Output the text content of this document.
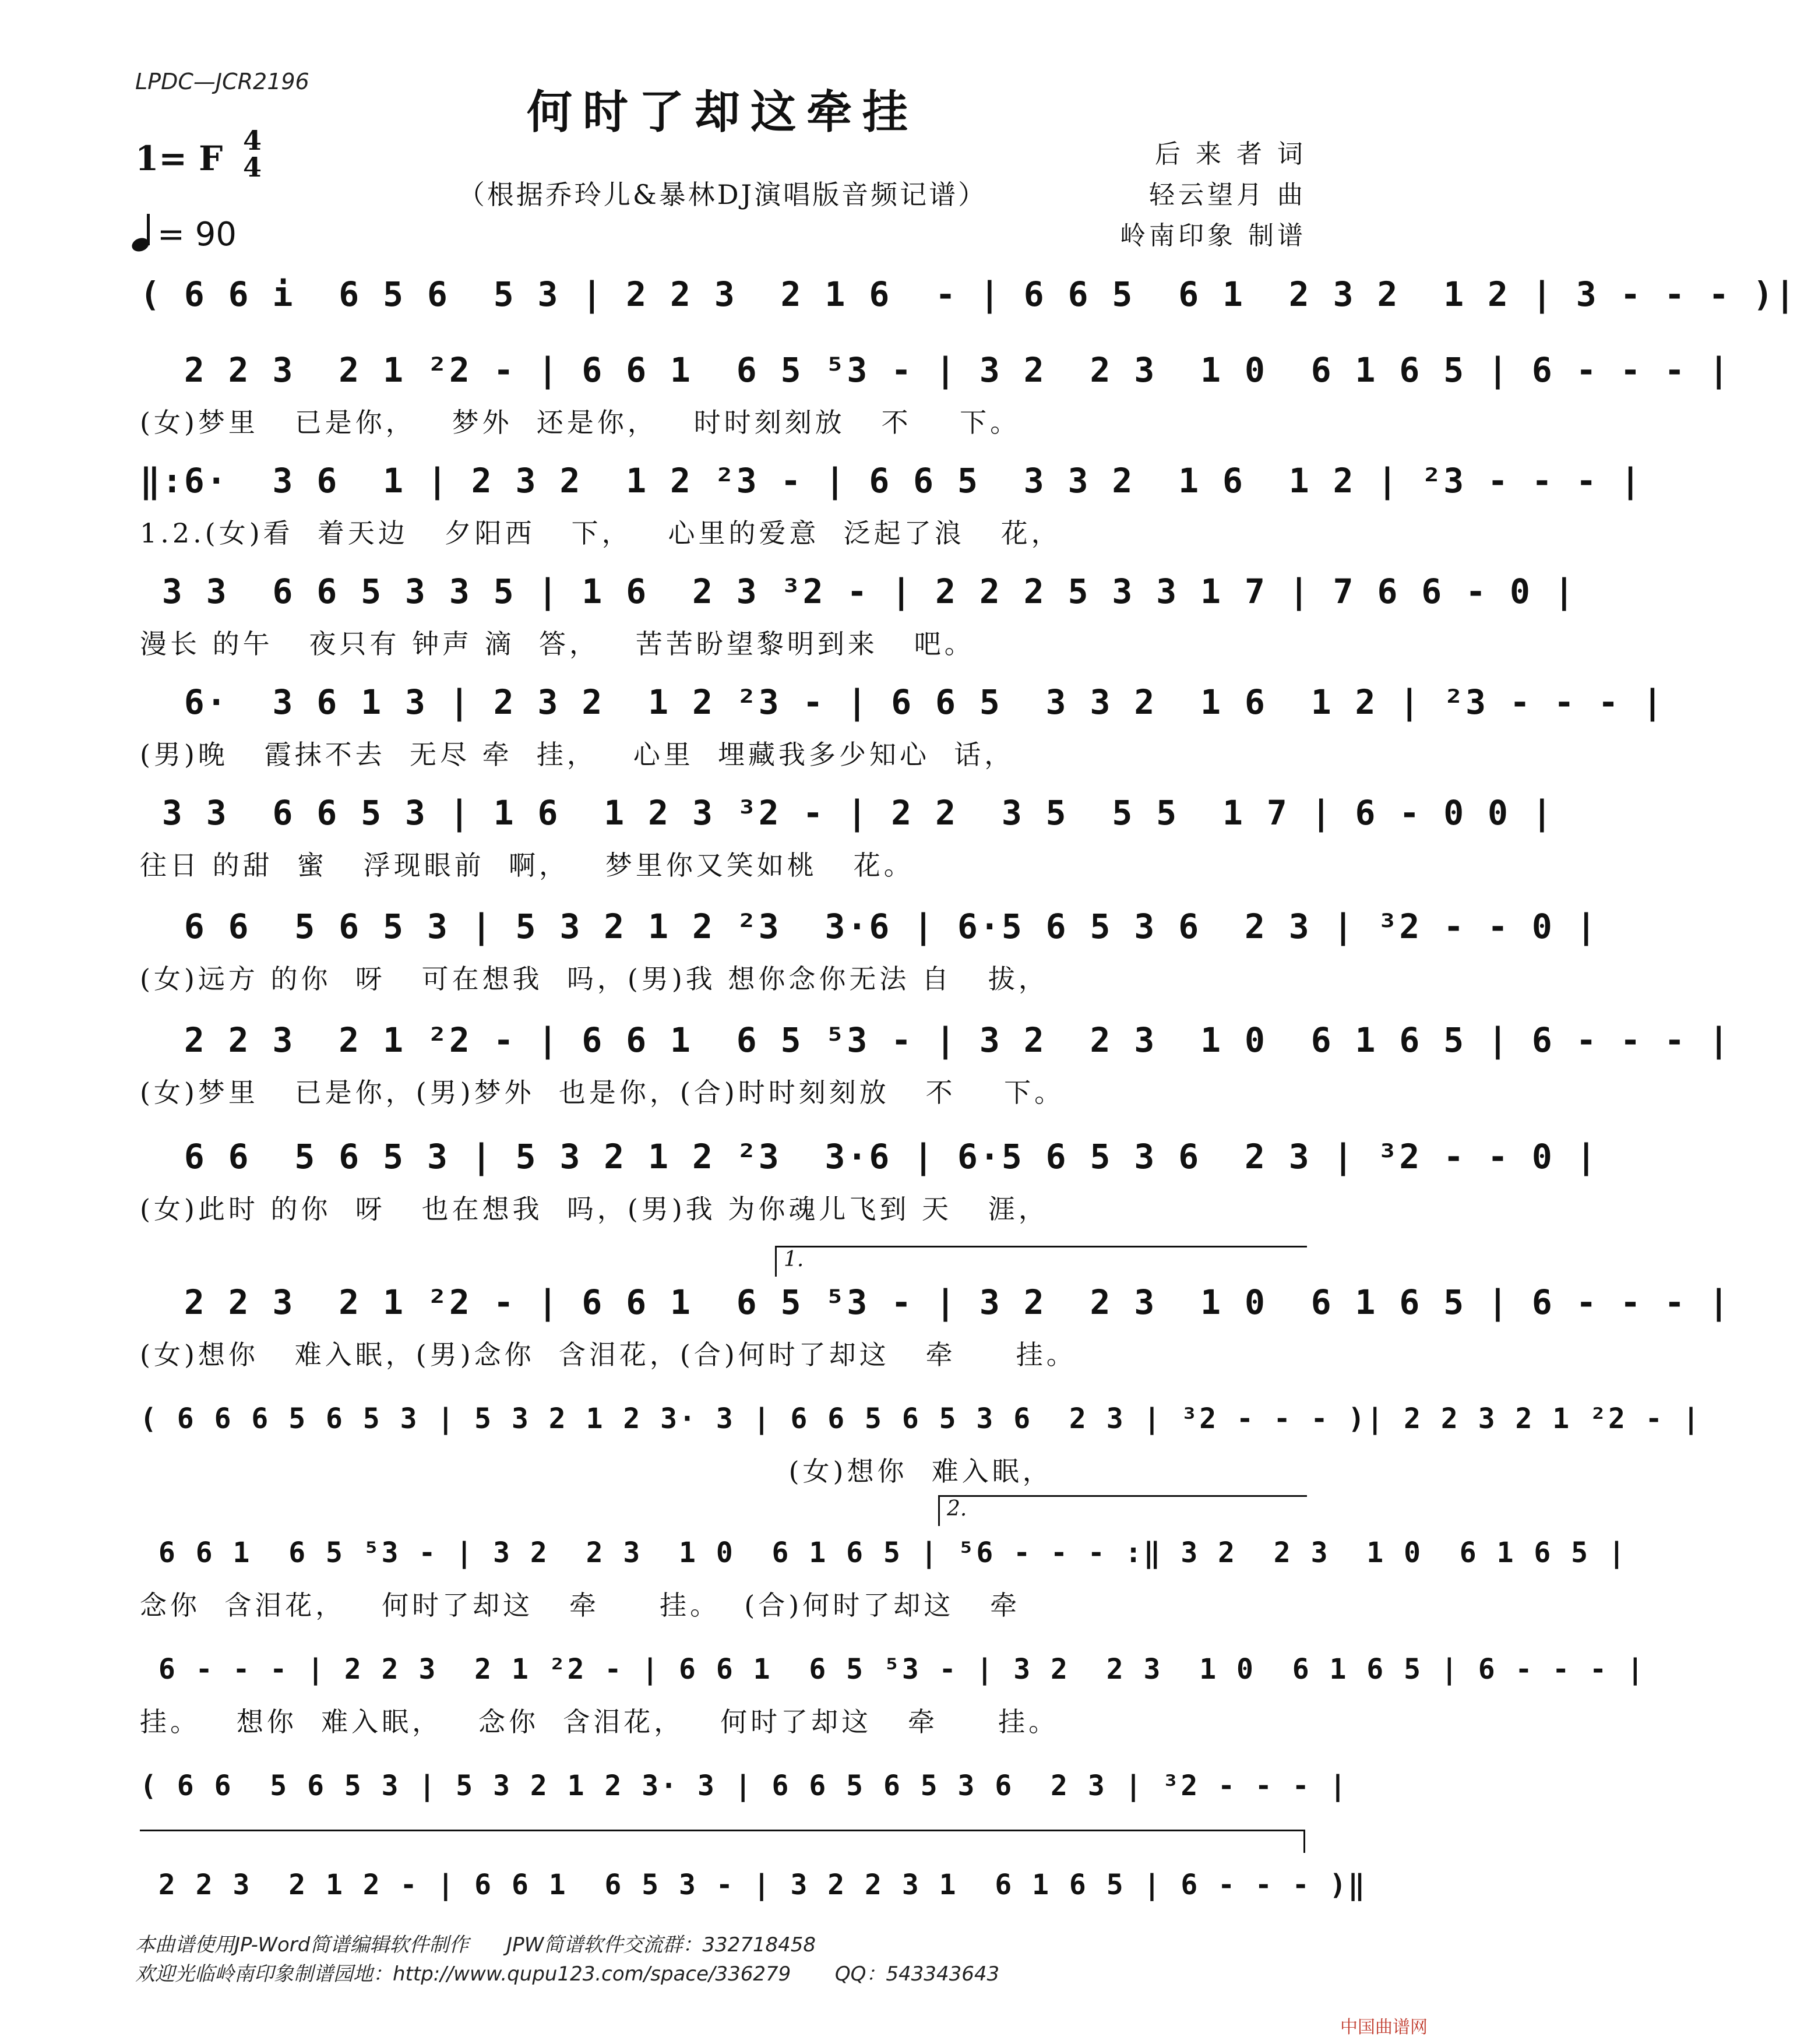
LPDC—JCR2196
何时了却这牵挂
1= F 4
4
= 90
（根据乔玲儿&暴林DJ演唱版音频记谱）
后 来 者 词
轻云望月 曲
岭南印象 制谱
( 6 6 i  6 5 6  5 3 | 2 2 3  2 1 6  - | 6 6 5  6 1  2 3 2  1 2 | 3 - - - )|
2 2 3  2 1 ²2 - | 6 6 1  6 5 ⁵3 - | 3 2  2 3  1 0  6 1 6 5 | 6 - - - |
(女)梦里   已是你，   梦外  还是你，   时时刻刻放   不    下。
‖:6·  3 6  1 | 2 3 2  1 2 ²3 - | 6 6 5  3 3 2  1 6  1 2 | ²3 - - - |
1.2.(女)看  着天边   夕阳西   下，   心里的爱意  泛起了浪   花，
3 3  6 6 5 3 3 5 | 1 6  2 3 ³2 - | 2 2 2 5 3 3 1 7 | 7 6 6 - 0 |
漫长 的午   夜只有 钟声 滴  答，   苦苦盼望黎明到来   吧。
6·  3 6 1 3 | 2 3 2  1 2 ²3 - | 6 6 5  3 3 2  1 6  1 2 | ²3 - - - |
(男)晚   霞抹不去  无尽 牵  挂，   心里  埋藏我多少知心  话，
3 3  6 6 5 3 | 1 6  1 2 3 ³2 - | 2 2  3 5  5 5  1 7 | 6 - 0 0 |
往日 的甜  蜜   浮现眼前  啊，   梦里你又笑如桃   花。
6 6  5 6 5 3 | 5 3 2 1 2 ²3  3·6 | 6·5 6 5 3 6  2 3 | ³2 - - 0 |
(女)远方 的你  呀   可在想我  吗，(男)我 想你念你无法 自   拔，
2 2 3  2 1 ²2 - | 6 6 1  6 5 ⁵3 - | 3 2  2 3  1 0  6 1 6 5 | 6 - - - |
(女)梦里   已是你，(男)梦外  也是你，(合)时时刻刻放   不    下。
6 6  5 6 5 3 | 5 3 2 1 2 ²3  3·6 | 6·5 6 5 3 6  2 3 | ³2 - - 0 |
(女)此时 的你  呀   也在想我  吗，(男)我 为你魂儿飞到 天   涯，
1.
2 2 3  2 1 ²2 - | 6 6 1  6 5 ⁵3 - | 3 2  2 3  1 0  6 1 6 5 | 6 - - - |
(女)想你   难入眠，(男)念你  含泪花，(合)何时了却这   牵     挂。
( 6 6 6 5 6 5 3 | 5 3 2 1 2 3· 3 | 6 6 5 6 5 3 6  2 3 | ³2 - - - )| 2 2 3 2 1 ²2 - |
(女)想你  难入眠，
2.
6 6 1  6 5 ⁵3 - | 3 2  2 3  1 0  6 1 6 5 | ⁵6 - - - :‖ 3 2  2 3  1 0  6 1 6 5 |
念你  含泪花，   何时了却这   牵     挂。  (合)何时了却这   牵
6 - - - | 2 2 3  2 1 ²2 - | 6 6 1  6 5 ⁵3 - | 3 2  2 3  1 0  6 1 6 5 | 6 - - - |
挂。   想你  难入眠，   念你  含泪花，   何时了却这   牵     挂。
( 6 6  5 6 5 3 | 5 3 2 1 2 3· 3 | 6 6 5 6 5 3 6  2 3 | ³2 - - - |
2 2 3  2 1 2 - | 6 6 1  6 5 3 - | 3 2 2 3 1  6 1 6 5 | 6 - - - )‖
本曲谱使用JP-Word简谱编辑软件制作      JPW简谱软件交流群：332718458
欢迎光临岭南印象制谱园地：http://www.qupu123.com/space/336279       QQ：543343643
中国曲谱网
